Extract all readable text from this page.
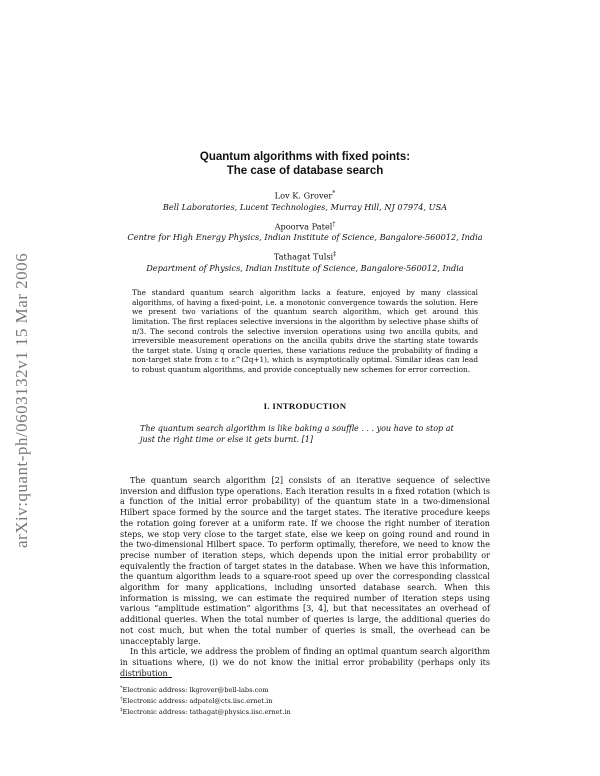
arXiv:quant-ph/0603132v1 15 Mar 2006
Quantum algorithms with fixed points:
The case of database search
Lov K. Grover*
Bell Laboratories, Lucent Technologies, Murray Hill, NJ 07974, USA
Apoorva Patel†
Centre for High Energy Physics, Indian Institute of Science, Bangalore-560012, India
Tathagat Tulsi‡
Department of Physics, Indian Institute of Science, Bangalore-560012, India

The standard quantum search algorithm lacks a feature, enjoyed by many classical algorithms, of having a fixed-point, i.e. a monotonic convergence towards the solution. Here we present two variations of the quantum search algorithm, which get around this limitation. The first replaces selective inversions in the algorithm by selective phase shifts of π/3. The second controls the selective inversion operations using two ancilla qubits, and irreversible measurement operations on the ancilla qubits drive the starting state towards the target state. Using q oracle queries, these variations reduce the probability of finding a non-target state from ε to ε^(2q+1), which is asymptotically optimal. Similar ideas can lead to robust quantum algorithms, and provide conceptually new schemes for error correction.

I. INTRODUCTION

The quantum search algorithm is like baking a souffle . . . you have to stop at just the right time or else it gets burnt. [1]

The quantum search algorithm [2] consists of an iterative sequence of selective inversion and diffusion type operations. Each iteration results in a fixed rotation (which is a function of the initial error probability) of the quantum state in a two-dimensional Hilbert space formed by the source and the target states. The iterative procedure keeps the rotation going forever at a uniform rate. If we choose the right number of iteration steps, we stop very close to the target state, else we keep on going round and round in the two-dimensional Hilbert space. To perform optimally, therefore, we need to know the precise number of iteration steps, which depends upon the initial error probability or equivalently the fraction of target states in the database. When we have this information, the quantum algorithm leads to a square-root speed up over the corresponding classical algorithm for many applications, including unsorted database search. When this information is missing, we can estimate the required number of iteration steps using various “amplitude estimation” algorithms [3, 4], but that necessitates an overhead of additional queries. When the total number of queries is large, the additional queries do not cost much, but when the total number of queries is small, the overhead can be unacceptably large.

In this article, we address the problem of finding an optimal quantum search algorithm in situations where, (i) we do not know the initial error probability (perhaps only its distribution

*Electronic address: lkgrover@bell-labs.com
†Electronic address: adpatel@cts.iisc.ernet.in
‡Electronic address: tathagat@physics.iisc.ernet.in
